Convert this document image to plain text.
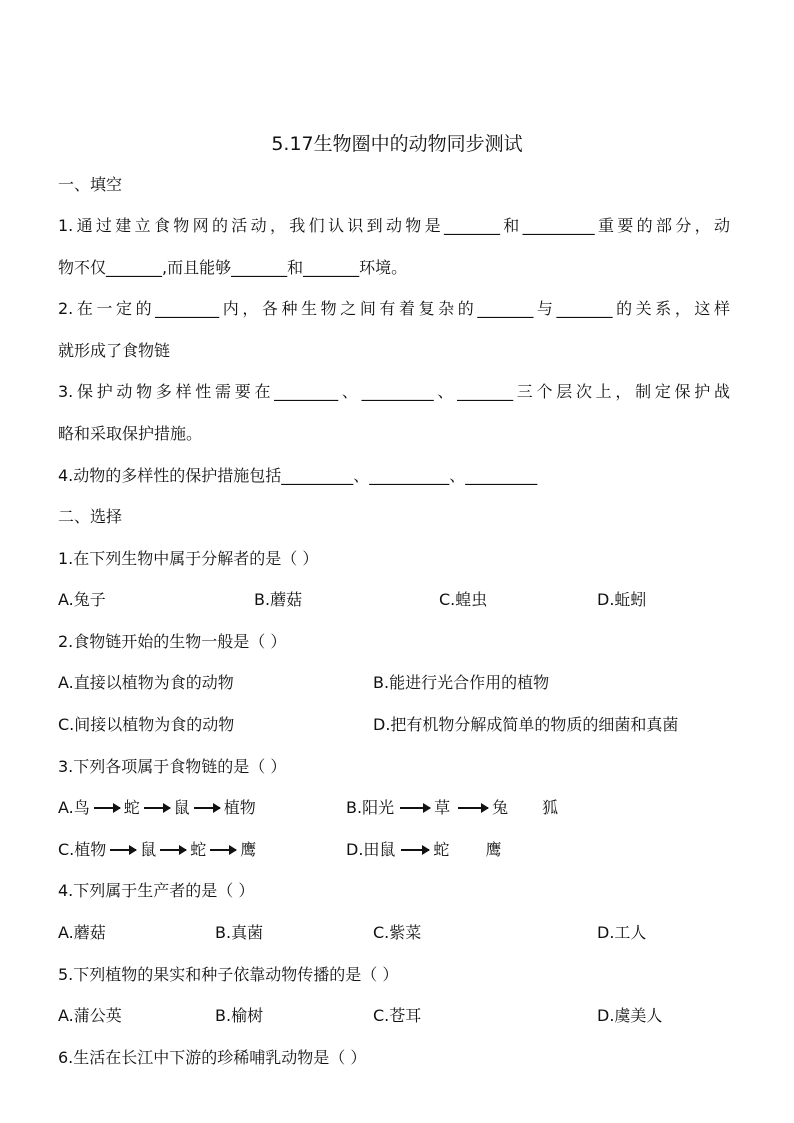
5.17生物圈中的动物同步测试
一、填空
1.通过建立食物网的活动，我们认识到动物是_______和_________重要的部分，动
物不仅_______,而且能够_______和_______环境。
2.在一定的________内，各种生物之间有着复杂的_______与_______的关系，这样
就形成了食物链
3.保护动物多样性需要在________、_________、_______三个层次上，制定保护战
略和采取保护措施。
4.动物的多样性的保护措施包括_________、__________、_________
二、选择
1.在下列生物中属于分解者的是（ ）
A.兔子	B.蘑菇	C.蝗虫	D.蚯蚓
2.食物链开始的生物一般是（ ）
A.直接以植物为食的动物	B.能进行光合作用的植物
C.间接以植物为食的动物	D.把有机物分解成简单的物质的细菌和真菌
3.下列各项属于食物链的是（ ）
A.鸟 蛇 鼠 植物	B.阳光	草	兔 狐
C.植物 鼠 蛇 鹰	D.田鼠 蛇 鹰
4.下列属于生产者的是（ ）
A.蘑菇	B.真菌	C.紫菜	D.工人
5.下列植物的果实和种子依靠动物传播的是（ ）
A.蒲公英	B.榆树	C.苍耳	D.虞美人
6.生活在长江中下游的珍稀哺乳动物是（ ）
